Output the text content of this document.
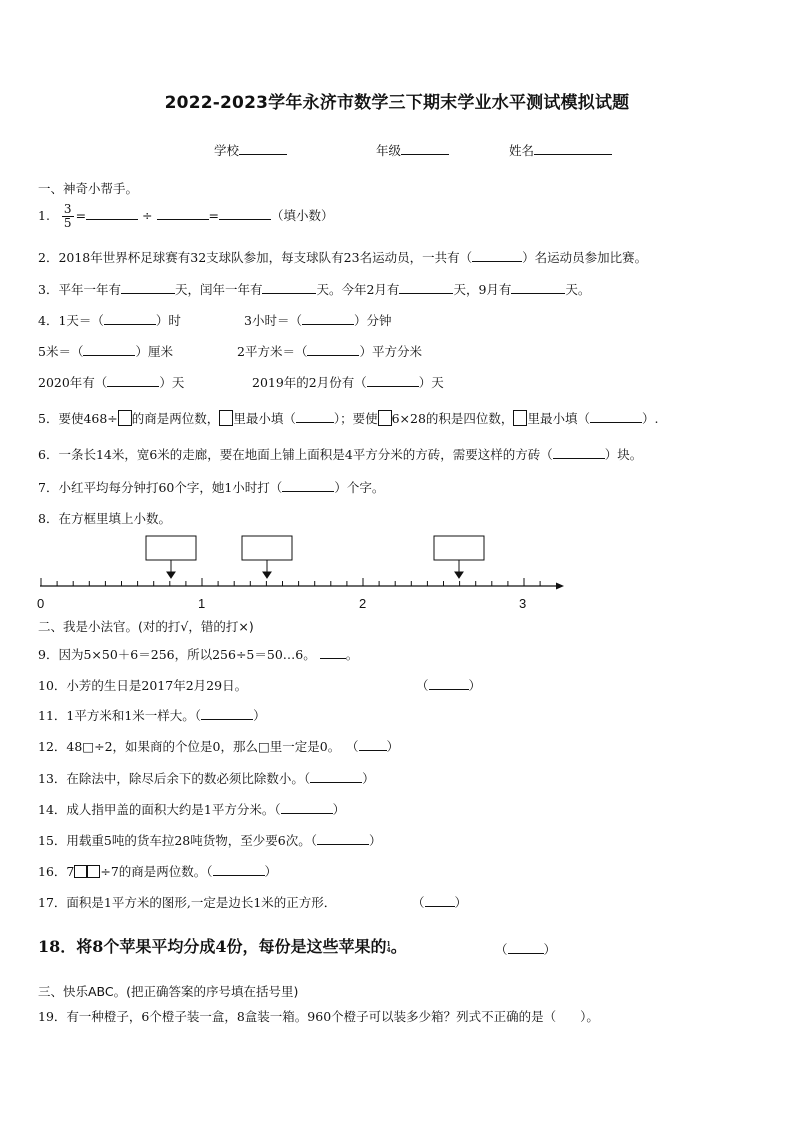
2022-2023学年永济市数学三下期末学业水平测试模拟试题
学校	年级	姓名
一、神奇小帮手。
1. $\frac{3}{5}$ =	÷	=	（填小数）
2．2018年世界杯足球赛有32支球队参加，每支球队有23名运动员，一共有（	）名运动员参加比赛。
3．平年一年有	天，闰年一年有	天。今年2月有	天，9月有	天。
4．1天＝（	）时	3小时＝（	）分钟
5米＝（	）厘米	2平方米＝（	）平方分米
2020年有（	）天	2019年的2月份有（	）天
5．要使468÷ 的商是两位数， 里最小填（	）；要使 6×28的积是四位数， 里最小填（	）.
6．一条长14米，宽6米的走廊，要在地面上铺上面积是4平方分米的方砖，需要这样的方砖（	）块。
7．小红平均每分钟打60个字，她1小时打（	）个字。
8．在方框里填上小数。
0	1	2	3
二、我是小法官。(对的打√，错的打×)
9．因为5×50＋6＝256，所以256÷5＝50…6。 。
10．小芳的生日是2017年2月29日。	（	）
11．1平方米和1米一样大。（	）
12．48□÷2，如果商的个位是0，那么□里一定是0。 （ ）
13．在除法中，除尽后余下的数必须比除数小。（	）
14．成人指甲盖的面积大约是1平方分米。（	）
15．用载重5吨的货车拉28吨货物，至少要6次。（	）
16．7 ÷7的商是两位数。（	）
17．面积是1平方米的图形,一定是边长1米的正方形．	（ ）
18．将8个苹果平均分成4份，每份是这些苹果的 1
4 。	（	）
三、快乐ABC。(把正确答案的序号填在括号里)
19．有一种橙子，6个橙子装一盒，8盒装一箱。960个橙子可以装多少箱？列式不正确的是（ ）。
